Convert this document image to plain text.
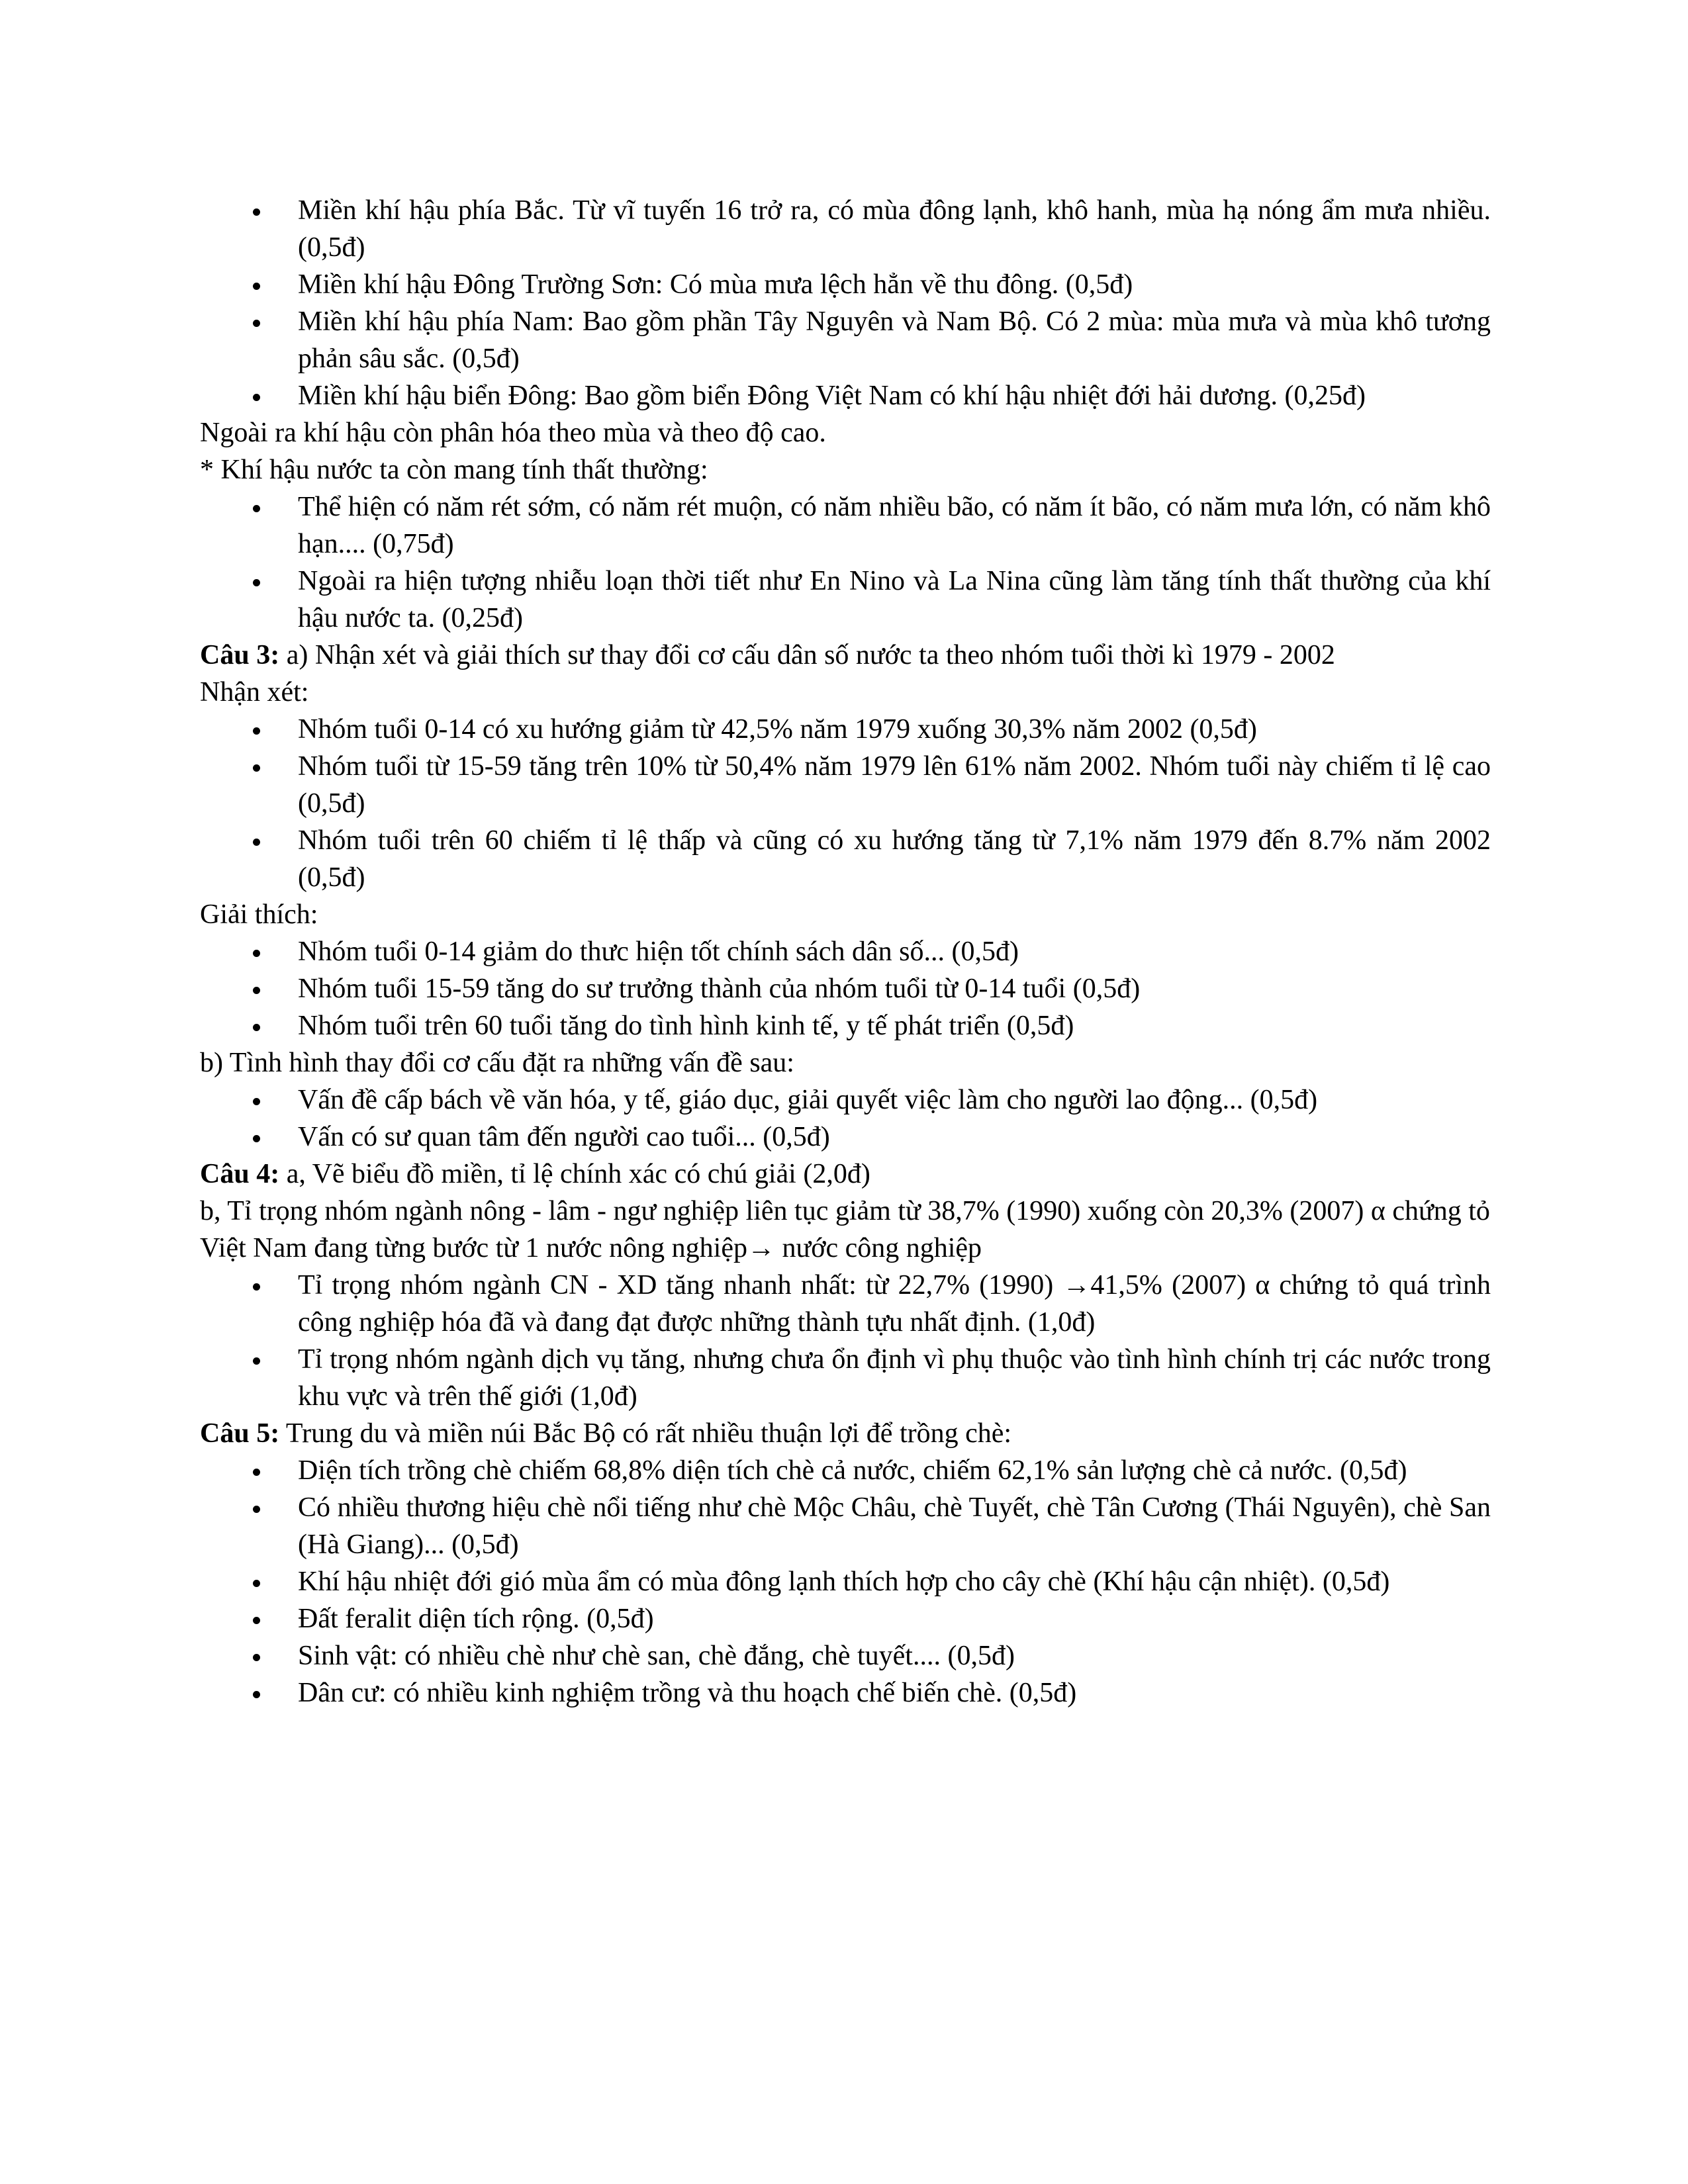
Miền khí hậu phía Bắc. Từ vĩ tuyến 16 trở ra, có mùa đông lạnh, khô hanh, mùa hạ nóng ẩm mưa nhiều. (0,5đ)
Miền khí hậu Đông Trường Sơn: Có mùa mưa lệch hẳn về thu đông. (0,5đ)
Miền khí hậu phía Nam: Bao gồm phần Tây Nguyên và Nam Bộ. Có 2 mùa: mùa mưa và mùa khô tương phản sâu sắc. (0,5đ)
Miền khí hậu biển Đông: Bao gồm biển Đông Việt Nam có khí hậu nhiệt đới hải dương. (0,25đ)

Ngoài ra khí hậu còn phân hóa theo mùa và theo độ cao.

* Khí hậu nước ta còn mang tính thất thường:

Thể hiện có năm rét sớm, có năm rét muộn, có năm nhiều bão, có năm ít bão, có năm mưa lớn, có năm khô hạn.... (0,75đ)
Ngoài ra hiện tượng nhiễu loạn thời tiết như En Nino và La Nina cũng làm tăng tính thất thường của khí hậu nước ta. (0,25đ)

Câu 3: a) Nhận xét và giải thích sư thay đổi cơ cấu dân số nước ta theo nhóm tuổi thời kì 1979 - 2002

Nhận xét:

Nhóm tuổi 0-14 có xu hướng giảm từ 42,5% năm 1979 xuống 30,3% năm 2002 (0,5đ)
Nhóm tuổi từ 15-59 tăng trên 10% từ 50,4% năm 1979 lên 61% năm 2002. Nhóm tuổi này chiếm tỉ lệ cao (0,5đ)
Nhóm tuổi trên 60 chiếm tỉ lệ thấp và cũng có xu hướng tăng từ 7,1% năm 1979 đến 8.7% năm 2002 (0,5đ)

Giải thích:

Nhóm tuổi 0-14 giảm do thưc hiện tốt chính sách dân số... (0,5đ)
Nhóm tuổi 15-59 tăng do sư trưởng thành của nhóm tuổi từ 0-14 tuổi (0,5đ)
Nhóm tuổi trên 60 tuổi tăng do tình hình kinh tế, y tế phát triển (0,5đ)

b) Tình hình thay đổi cơ cấu đặt ra những vấn đề sau:

Vấn đề cấp bách về văn hóa, y tế, giáo dục, giải quyết việc làm cho người lao động... (0,5đ)
Vấn có sư quan tâm đến người cao tuổi... (0,5đ)

Câu 4: a, Vẽ biểu đồ miền, tỉ lệ chính xác có chú giải (2,0đ)

b, Tỉ trọng nhóm ngành nông - lâm - ngư nghiệp liên tục giảm từ 38,7% (1990) xuống còn 20,3% (2007) α chứng tỏ Việt Nam đang từng bước từ 1 nước nông nghiệp→ nước công nghiệp

Tỉ trọng nhóm ngành CN - XD tăng nhanh nhất: từ 22,7% (1990) →41,5% (2007) α chứng tỏ quá trình công nghiệp hóa đã và đang đạt được những thành tựu nhất định. (1,0đ)
Tỉ trọng nhóm ngành dịch vụ tăng, nhưng chưa ổn định vì phụ thuộc vào tình hình chính trị các nước trong khu vực và trên thế giới (1,0đ)

Câu 5: Trung du và miền núi Bắc Bộ có rất nhiều thuận lợi để trồng chè:

Diện tích trồng chè chiếm 68,8% diện tích chè cả nước, chiếm 62,1% sản lượng chè cả nước. (0,5đ)
Có nhiều thương hiệu chè nổi tiếng như chè Mộc Châu, chè Tuyết, chè Tân Cương (Thái Nguyên), chè San (Hà Giang)... (0,5đ)
Khí hậu nhiệt đới gió mùa ẩm có mùa đông lạnh thích hợp cho cây chè (Khí hậu cận nhiệt). (0,5đ)
Đất feralit diện tích rộng. (0,5đ)
Sinh vật: có nhiều chè như chè san, chè đắng, chè tuyết.... (0,5đ)
Dân cư: có nhiều kinh nghiệm trồng và thu hoạch chế biến chè. (0,5đ)
